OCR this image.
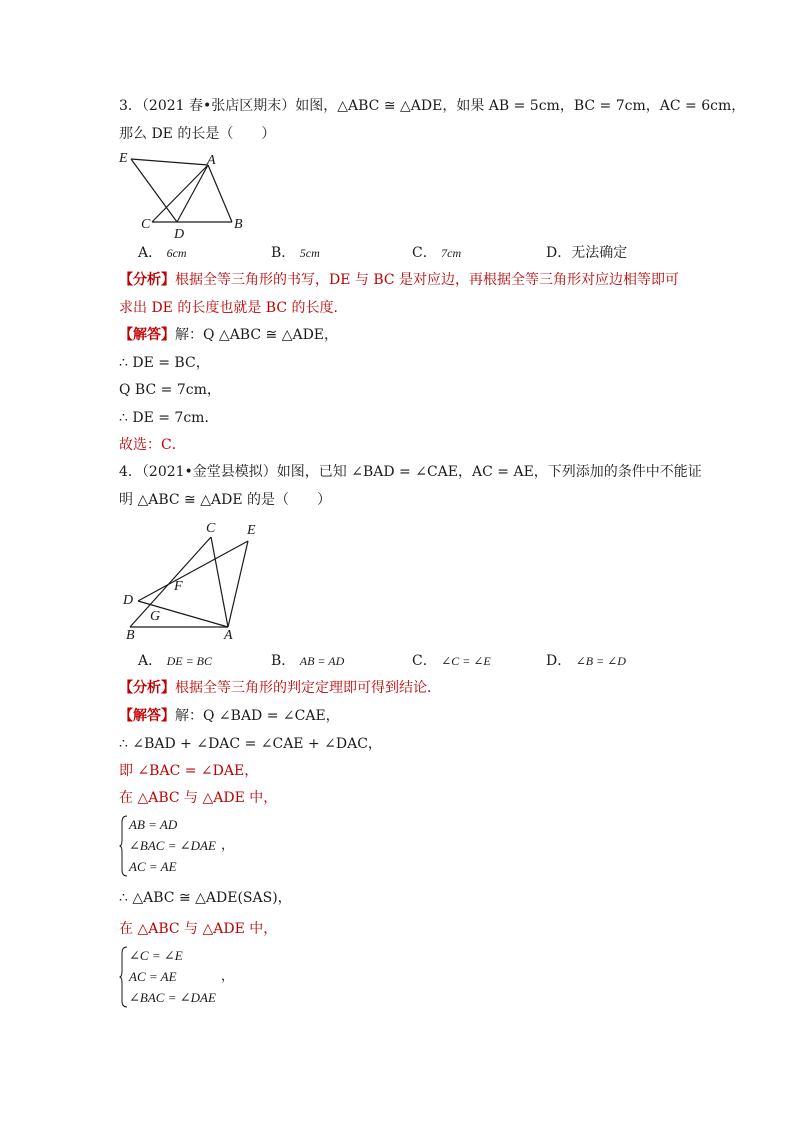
3．（2021 春•张店区期末）如图，△ABC ≅ △ADE，如果 AB = 5cm，BC = 7cm，AC = 6cm，
那么 DE 的长是（　　）
E	A
C
D
B
A． 6cm	B． 5cm	C． 7cm	D．无法确定
【分析】根据全等三角形的书写，DE 与 BC 是对应边，再根据全等三角形对应边相等即可
求出 DE 的长度也就是 BC 的长度．
【解答】解：Q △ABC ≅ △ADE，
∴ DE = BC，
Q BC = 7cm，
∴ DE = 7cm．
故选：C．
4．（2021•金堂县模拟）如图，已知 ∠BAD = ∠CAE，AC = AE，下列添加的条件中不能证
明 △ABC ≅ △ADE 的是（　　）
C E
F
D
G
B	A
A． DE = BC	B． AB = AD	C． ∠C = ∠E	D． ∠B = ∠D
【分析】根据全等三角形的判定定理即可得到结论．
【解答】解：Q ∠BAD = ∠CAE，
∴ ∠BAD + ∠DAC = ∠CAE + ∠DAC，
即 ∠BAC = ∠DAE，
在 △ABC 与 △ADE 中，
AB = AD
∠BAC = ∠DAE ，
AC = AE
∴ △ABC ≅ △ADE(SAS)，
在 △ABC 与 △ADE 中，
∠C = ∠E
AC = AE	，
∠BAC = ∠DAE
